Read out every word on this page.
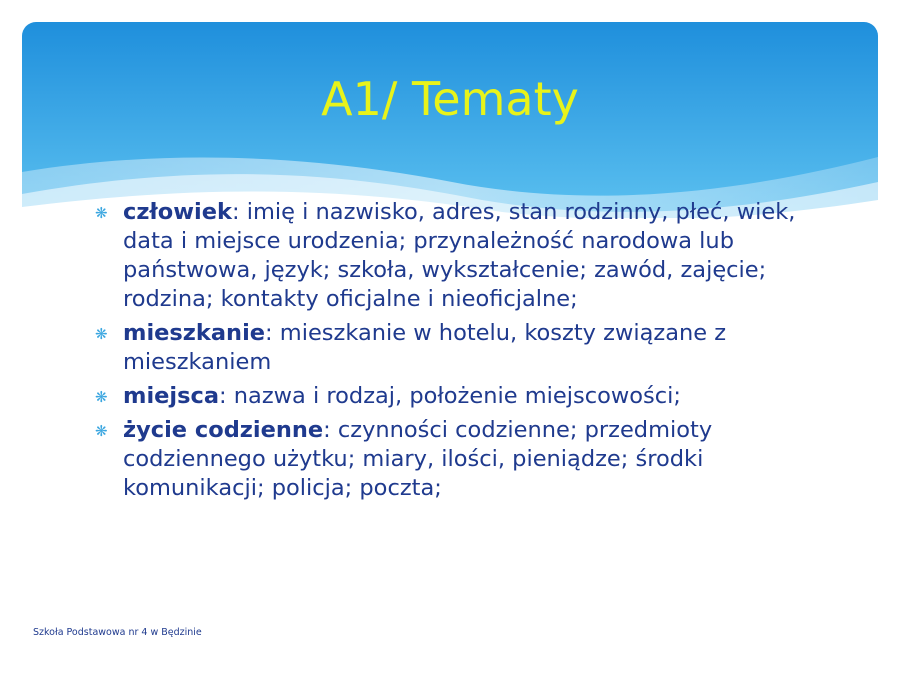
A1/ Tematy
❋ człowiek: imię i nazwisko, adres, stan rodzinny, płeć, wiek, data i miejsce urodzenia; przynależność narodowa lub państwowa, język; szkoła, wykształcenie; zawód, zajęcie; rodzina; kontakty oficjalne i nieoficjalne;
❋ mieszkanie: mieszkanie w hotelu, koszty związane z mieszkaniem
❋ miejsca: nazwa i rodzaj, położenie miejscowości;
❋ życie codzienne: czynności codzienne; przedmioty codziennego użytku; miary, ilości, pieniądze; środki komunikacji; policja; poczta;
Szkoła Podstawowa nr 4 w Będzinie
